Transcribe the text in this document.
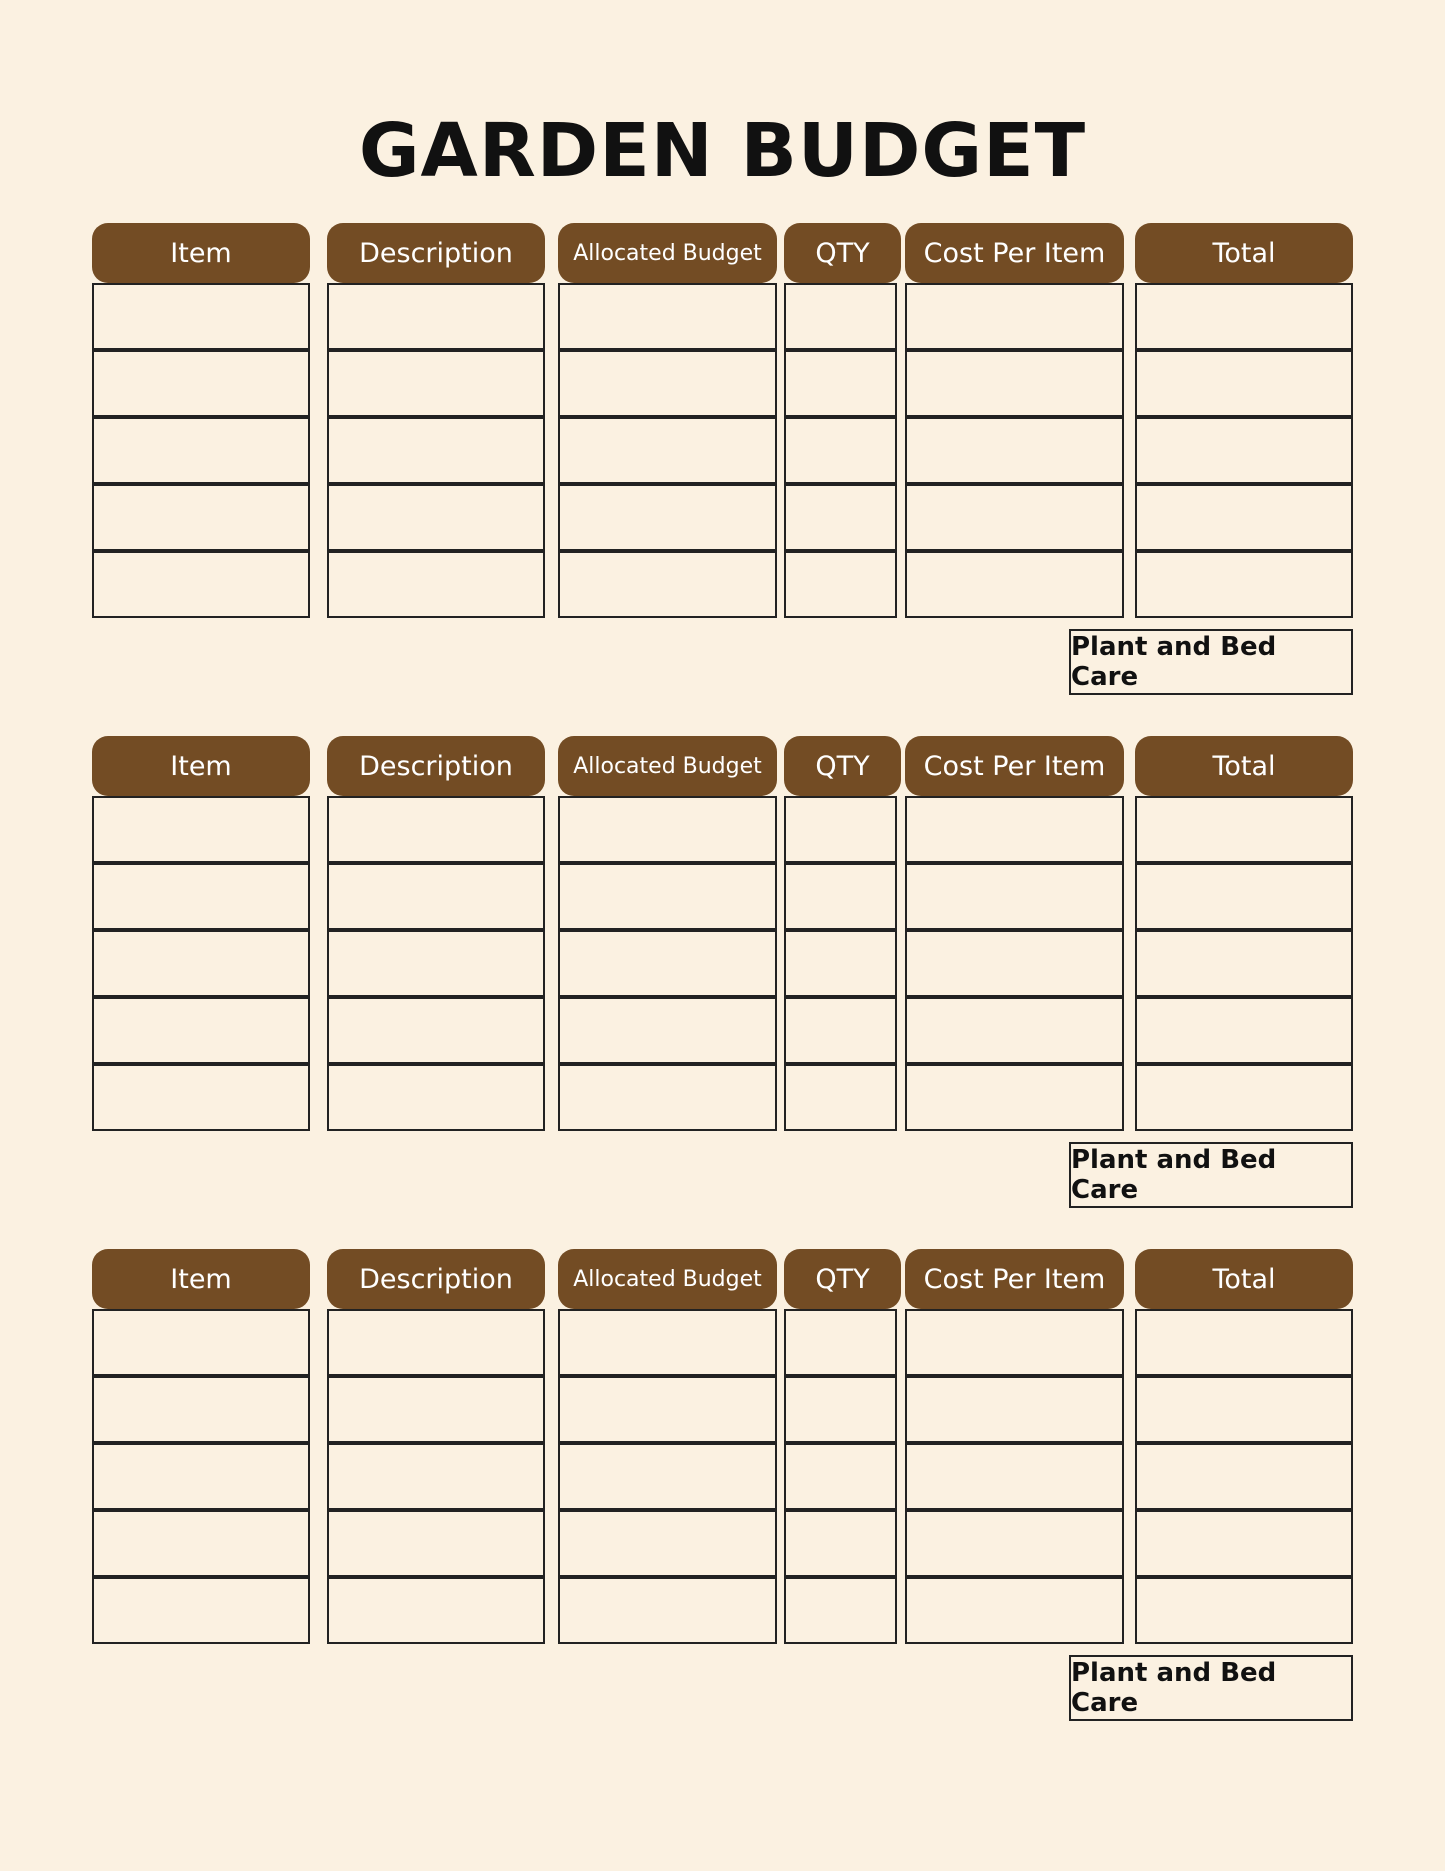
GARDEN BUDGET
Item	Description	Allocated Budget	QTY	Cost Per Item	Total
Plant and Bed Care
Item	Description	Allocated Budget	QTY	Cost Per Item	Total
Plant and Bed Care
Item	Description	Allocated Budget	QTY	Cost Per Item	Total
Plant and Bed Care
